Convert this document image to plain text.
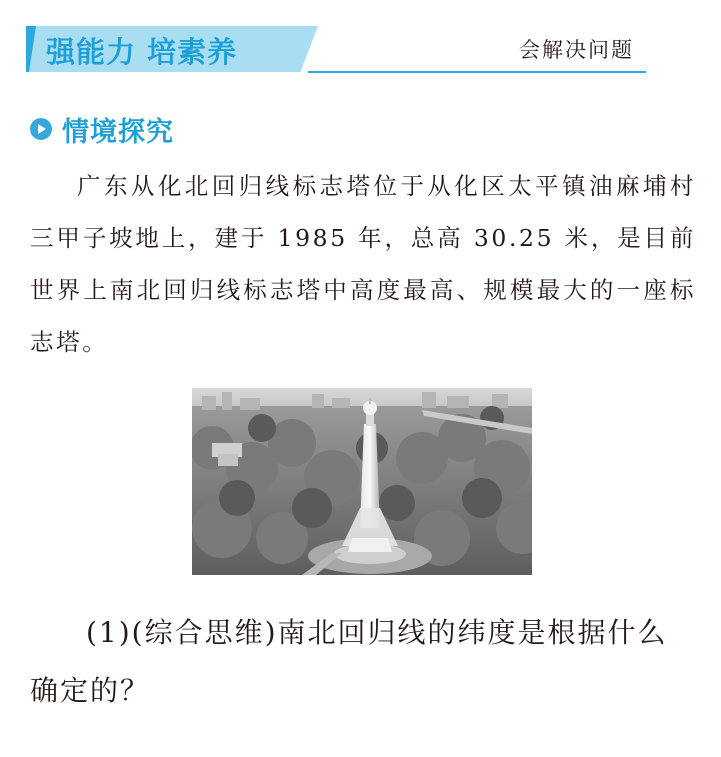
强能力 培素养	会解决问题
情境探究

广东从化北回归线标志塔位于从化区太平镇油麻埔村三甲子坡地上，建于 1985 年，总高 30.25 米，是目前世界上南北回归线标志塔中高度最高、规模最大的一座标志塔。

(1)(综合思维)南北回归线的纬度是根据什么确定的？
